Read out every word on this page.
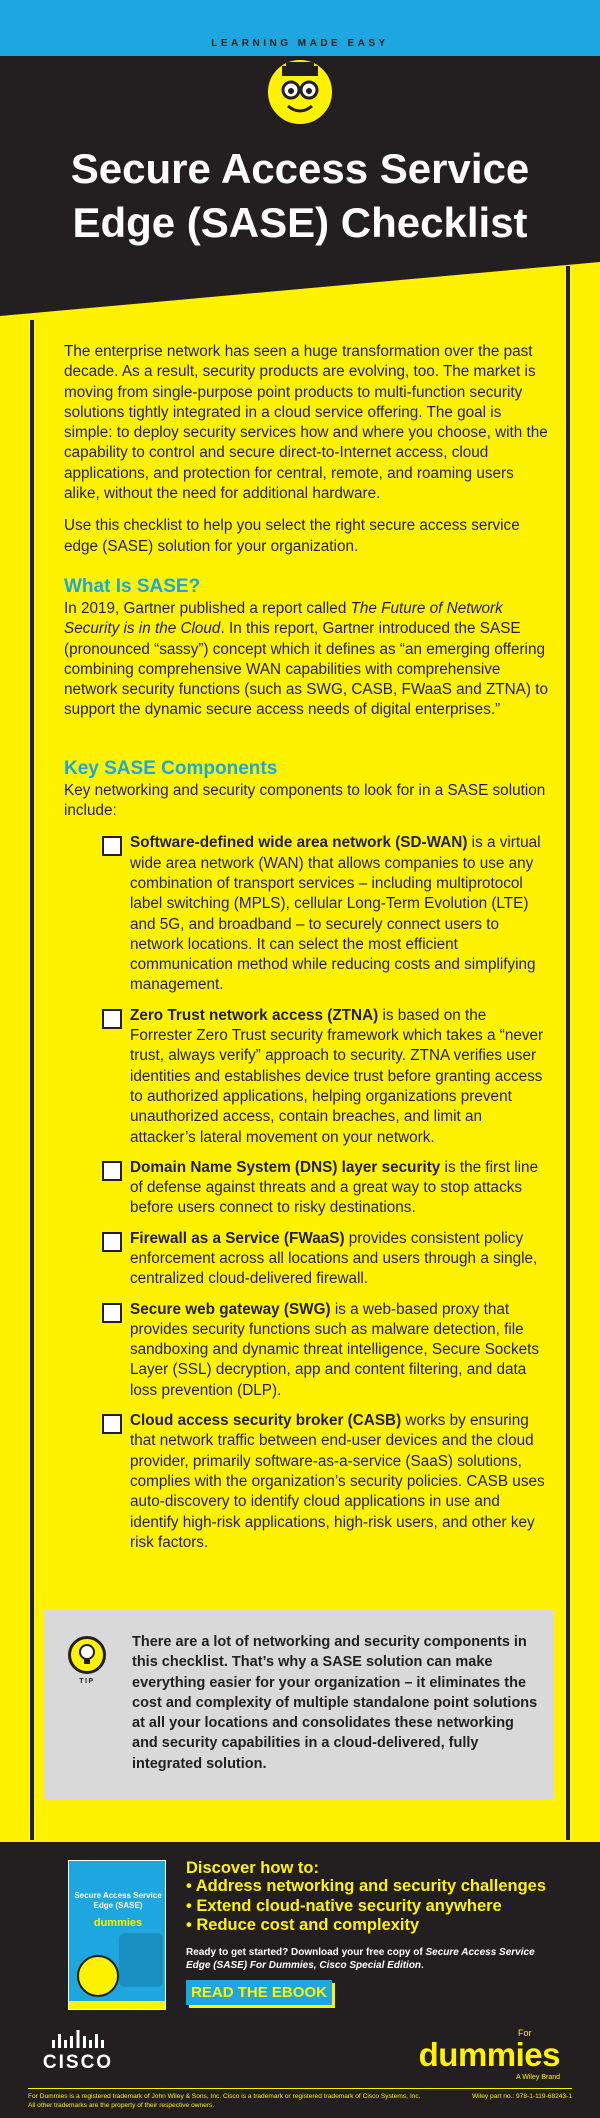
LEARNING MADE EASY
Secure Access Service Edge (SASE) Checklist

The enterprise network has seen a huge transformation over the past decade. As a result, security products are evolving, too. The market is moving from single-purpose point products to multi-function security solutions tightly integrated in a cloud service offering. The goal is simple: to deploy security services how and where you choose, with the capability to control and secure direct-to-Internet access, cloud applications, and protection for central, remote, and roaming users alike, without the need for additional hardware.

Use this checklist to help you select the right secure access service edge (SASE) solution for your organization.

What Is SASE?

In 2019, Gartner published a report called The Future of Network Security is in the Cloud. In this report, Gartner introduced the SASE (pronounced “sassy”) concept which it defines as “an emerging offering combining comprehensive WAN capabilities with comprehensive network security functions (such as SWG, CASB, FWaaS and ZTNA) to support the dynamic secure access needs of digital enterprises.”

Key SASE Components

Key networking and security components to look for in a SASE solution include:

Software-defined wide area network (SD-WAN) is a virtual wide area network (WAN) that allows companies to use any combination of transport services – including multiprotocol label switching (MPLS), cellular Long-Term Evolution (LTE) and 5G, and broadband – to securely connect users to network locations. It can select the most efficient communication method while reducing costs and simplifying management.
Zero Trust network access (ZTNA) is based on the Forrester Zero Trust security framework which takes a “never trust, always verify” approach to security. ZTNA verifies user identities and establishes device trust before granting access to authorized applications, helping organizations prevent unauthorized access, contain breaches, and limit an attacker’s lateral movement on your network.
Domain Name System (DNS) layer security is the first line of defense against threats and a great way to stop attacks before users connect to risky destinations.
Firewall as a Service (FWaaS) provides consistent policy enforcement across all locations and users through a single, centralized cloud-delivered firewall.
Secure web gateway (SWG) is a web-based proxy that provides security functions such as malware detection, file sandboxing and dynamic threat intelligence, Secure Sockets Layer (SSL) decryption, app and content filtering, and data loss prevention (DLP).
Cloud access security broker (CASB) works by ensuring that network traffic between end-user devices and the cloud provider, primarily software-as-a-service (SaaS) solutions, complies with the organization’s security policies. CASB uses auto-discovery to identify cloud applications in use and identify high-risk applications, high-risk users, and other key risk factors.
TIP
There are a lot of networking and security components in this checklist. That’s why a SASE solution can make everything easier for your organization – it eliminates the cost and complexity of multiple standalone point solutions at all your locations and consolidates these networking and security capabilities in a cloud-delivered, fully integrated solution.
Secure Access Service Edge (SASE)
dummies
Discover how to:
• Address networking and security challenges
• Extend cloud-native security anywhere
• Reduce cost and complexity
Ready to get started? Download your free copy of Secure Access Service Edge (SASE) For Dummies, Cisco Special Edition.
READ THE EBOOK
CISCO
For
dummies
A Wiley Brand
For Dummies is a registered trademark of John Wiley & Sons, Inc. Cisco is a trademark or registered trademark of Cisco Systems, Inc. All other trademarks are the property of their respective owners.
Wiley part no.: 978-1-119-68243-1
